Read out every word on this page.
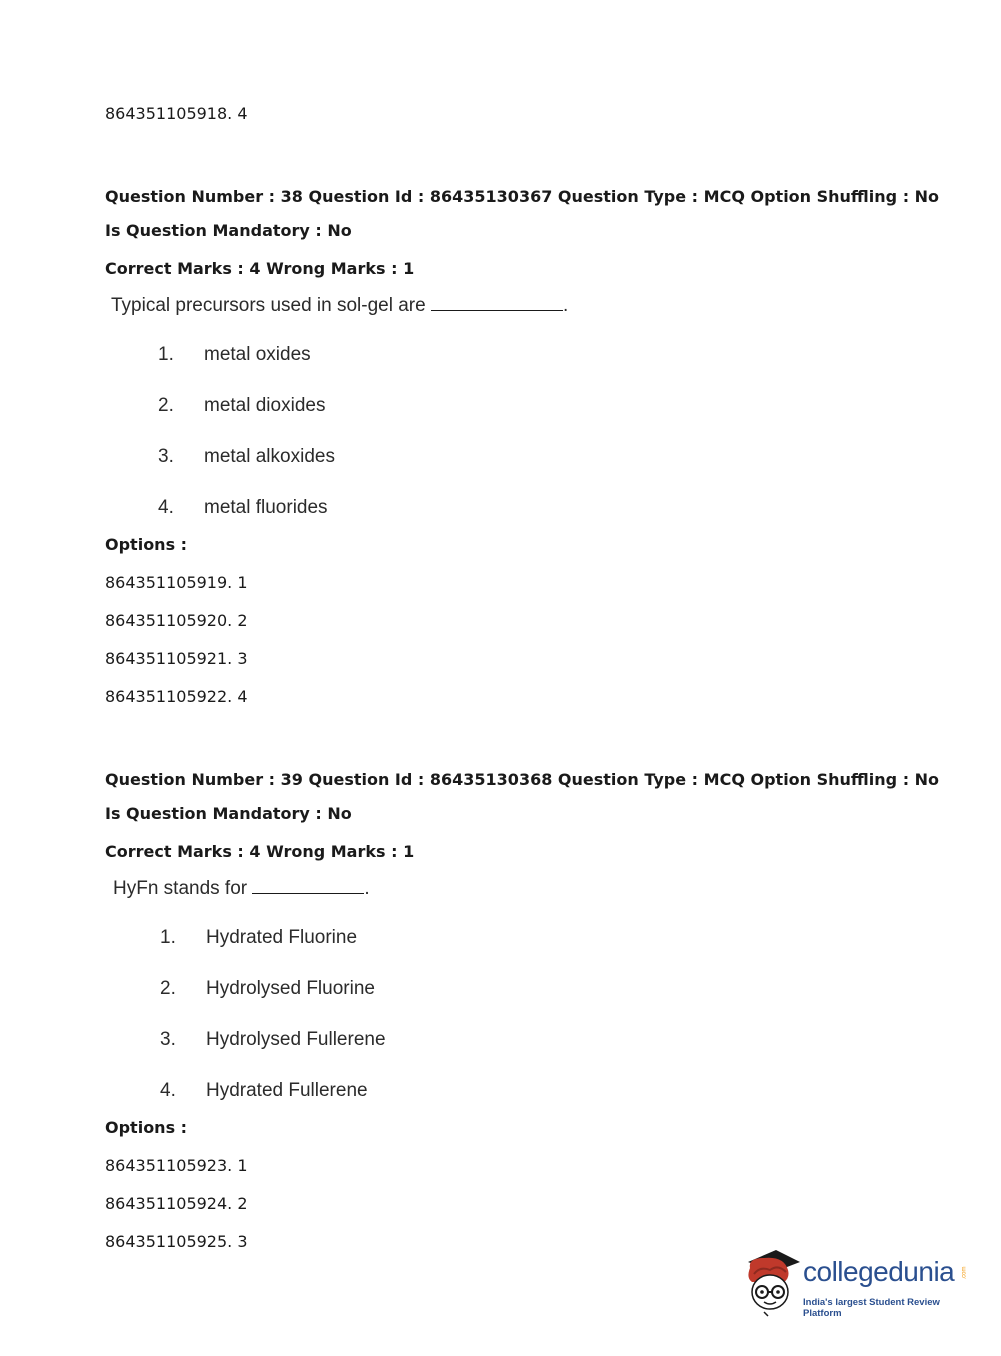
864351105918. 4
Question Number : 38 Question Id : 86435130367 Question Type : MCQ Option Shuffling : No
Is Question Mandatory : No
Correct Marks : 4 Wrong Marks : 1
Typical precursors used in sol-gel are	.
1. metal oxides
2. metal dioxides
3. metal alkoxides
4. metal fluorides
Options :
864351105919. 1
864351105920. 2
864351105921. 3
864351105922. 4
Question Number : 39 Question Id : 86435130368 Question Type : MCQ Option Shuffling : No
Is Question Mandatory : No
Correct Marks : 4 Wrong Marks : 1
HyFn stands for	.
1. Hydrated Fluorine
2. Hydrolysed Fluorine
3. Hydrolysed Fullerene
4. Hydrated Fullerene
Options :
864351105923. 1
864351105924. 2
864351105925. 3
collegedunia .com
India's largest Student Review Platform
